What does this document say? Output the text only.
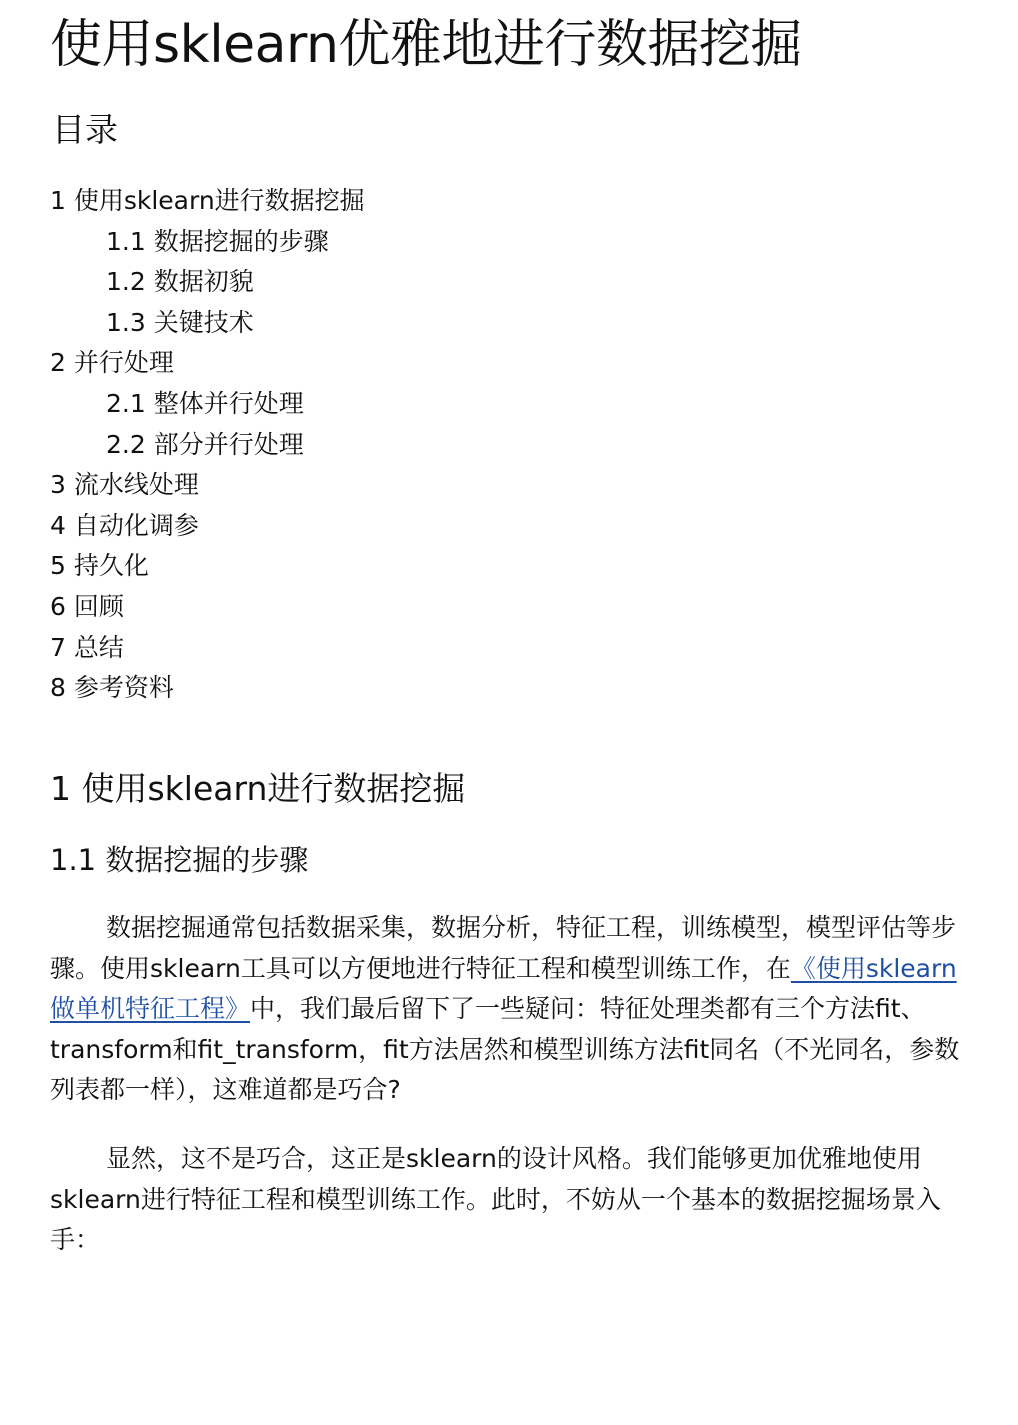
使用sklearn优雅地进行数据挖掘
目录
1 使用sklearn进行数据挖掘
1.1 数据挖掘的步骤
1.2 数据初貌
1.3 关键技术
2 并行处理
2.1 整体并行处理
2.2 部分并行处理
3 流水线处理
4 自动化调参
5 持久化
6 回顾
7 总结
8 参考资料
1 使用sklearn进行数据挖掘
1.1 数据挖掘的步骤

数据挖掘通常包括数据采集，数据分析，特征工程，训练模型，模型评估等步骤。使用sklearn工具可以方便地进行特征工程和模型训练工作，在《使用sklearn做单机特征工程》中，我们最后留下了一些疑问：特征处理类都有三个方法fit、transform和fit_transform，fit方法居然和模型训练方法fit同名（不光同名，参数列表都一样），这难道都是巧合?

显然，这不是巧合，这正是sklearn的设计风格。我们能够更加优雅地使用sklearn进行特征工程和模型训练工作。此时，不妨从一个基本的数据挖掘场景入手：
